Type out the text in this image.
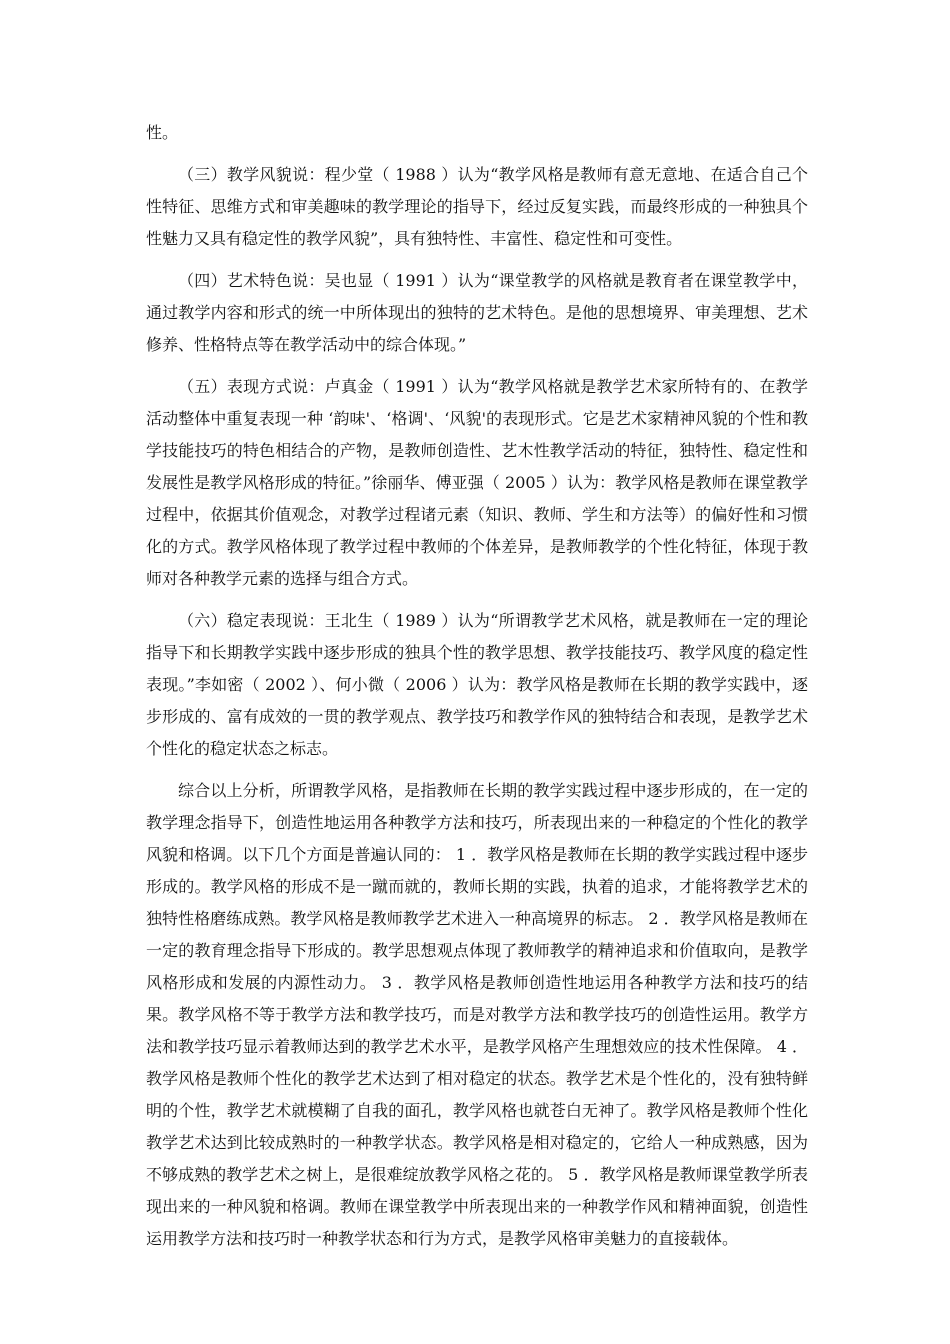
性。

（三）教学风貌说：程少堂（ 1988 ）认为“教学风格是教师有意无意地、在适合自己个性特征、思维方式和审美趣味的教学理论的指导下，经过反复实践，而最终形成的一种独具个性魅力又具有稳定性的教学风貌”，具有独特性、丰富性、稳定性和可变性。

（四）艺术特色说：吴也显（ 1991 ）认为“课堂教学的风格就是教育者在课堂教学中，通过教学内容和形式的统一中所体现出的独特的艺术特色。是他的思想境界、审美理想、艺术修养、性格特点等在教学活动中的综合体现。”

（五）表现方式说：卢真金（ 1991 ）认为“教学风格就是教学艺术家所特有的、在教学活动整体中重复表现一种 ‘韵味'、‘格调'、‘风貌'的表现形式。它是艺术家精神风貌的个性和教学技能技巧的特色相结合的产物，是教师创造性、艺木性教学活动的特征，独特性、稳定性和发展性是教学风格形成的特征。”徐丽华、傅亚强（ 2005 ）认为：教学风格是教师在课堂教学过程中，依据其价值观念，对教学过程诸元素（知识、教师、学生和方法等）的偏好性和习惯化的方式。教学风格体现了教学过程中教师的个体差异，是教师教学的个性化特征，体现于教师对各种教学元素的选择与组合方式。

（六）稳定表现说：王北生（ 1989 ）认为“所谓教学艺术风格，就是教师在一定的理论指导下和长期教学实践中逐步形成的独具个性的教学思想、教学技能技巧、教学风度的稳定性表现。”李如密（ 2002 ）、何小微（ 2006 ）认为：教学风格是教师在长期的教学实践中，逐步形成的、富有成效的一贯的教学观点、教学技巧和教学作风的独特结合和表现，是教学艺术个性化的稳定状态之标志。

综合以上分析，所谓教学风格，是指教师在长期的教学实践过程中逐步形成的，在一定的教学理念指导下，创造性地运用各种教学方法和技巧，所表现出来的一种稳定的个性化的教学风貌和格调。以下几个方面是普遍认同的： 1 ．教学风格是教师在长期的教学实践过程中逐步形成的。教学风格的形成不是一蹴而就的，教师长期的实践，执着的追求，才能将教学艺术的独特性格磨练成熟。教学风格是教师教学艺术进入一种高境界的标志。 2 ．教学风格是教师在一定的教育理念指导下形成的。教学思想观点体现了教师教学的精神追求和价值取向，是教学风格形成和发展的内源性动力。 3 ．教学风格是教师创造性地运用各种教学方法和技巧的结果。教学风格不等于教学方法和教学技巧，而是对教学方法和教学技巧的创造性运用。教学方法和教学技巧显示着教师达到的教学艺术水平，是教学风格产生理想效应的技术性保障。 4 ． 教学风格是教师个性化的教学艺术达到了相对稳定的状态。教学艺术是个性化的，没有独特鲜明的个性，教学艺术就模糊了自我的面孔，教学风格也就苍白无神了。教学风格是教师个性化教学艺术达到比较成熟时的一种教学状态。教学风格是相对稳定的，它给人一种成熟感，因为不够成熟的教学艺术之树上，是很难绽放教学风格之花的。 5 ．教学风格是教师课堂教学所表现出来的一种风貌和格调。教师在课堂教学中所表现出来的一种教学作风和精神面貌，创造性运用教学方法和技巧时一种教学状态和行为方式，是教学风格审美魅力的直接载体。
